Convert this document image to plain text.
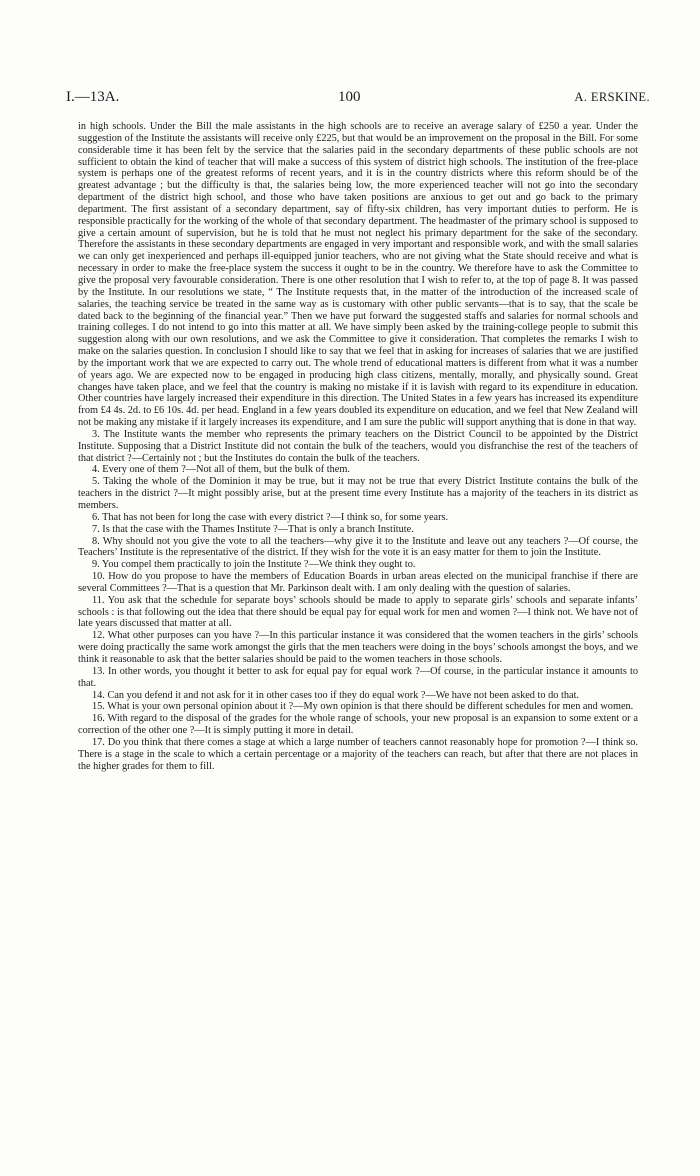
I.—13A.	100	A. ERSKINE.

in high schools. Under the Bill the male assistants in the high schools are to receive an average salary of £250 a year. Under the suggestion of the Institute the assistants will receive only £225, but that would be an improvement on the proposal in the Bill. For some considerable time it has been felt by the service that the salaries paid in the secondary departments of these public schools are not sufficient to obtain the kind of teacher that will make a success of this system of district high schools. The institution of the free-place system is perhaps one of the greatest reforms of recent years, and it is in the country districts where this reform should be of the greatest advantage ; but the difficulty is that, the salaries being low, the more experienced teacher will not go into the secondary department of the district high school, and those who have taken positions are anxious to get out and go back to the primary department. The first assistant of a secondary department, say of fifty-six children, has very important duties to perform. He is responsible practically for the working of the whole of that secondary department. The headmaster of the primary school is supposed to give a certain amount of supervision, but he is told that he must not neglect his primary department for the sake of the secondary. Therefore the assistants in these secondary departments are engaged in very important and responsible work, and with the small salaries we can only get inexperienced and perhaps ill-equipped junior teachers, who are not giving what the State should receive and what is necessary in order to make the free-place system the success it ought to be in the country. We therefore have to ask the Committee to give the proposal very favourable consideration. There is one other resolution that I wish to refer to, at the top of page 8. It was passed by the Institute. In our resolutions we state, “ The Institute requests that, in the matter of the introduction of the increased scale of salaries, the teaching service be treated in the same way as is customary with other public servants—that is to say, that the scale be dated back to the beginning of the financial year.” Then we have put forward the suggested staffs and salaries for normal schools and training colleges. I do not intend to go into this matter at all. We have simply been asked by the training-college people to submit this suggestion along with our own resolutions, and we ask the Committee to give it consideration. That completes the remarks I wish to make on the salaries question. In conclusion I should like to say that we feel that in asking for increases of salaries that we are justified by the important work that we are expected to carry out. The whole trend of educational matters is different from what it was a number of years ago. We are expected now to be engaged in producing high class citizens, mentally, morally, and physically sound. Great changes have taken place, and we feel that the country is making no mistake if it is lavish with regard to its expenditure in education. Other countries have largely increased their expenditure in this direction. The United States in a few years has increased its expenditure from £4 4s. 2d. to £6 10s. 4d. per head. England in a few years doubled its expenditure on education, and we feel that New Zealand will not be making any mistake if it largely increases its expenditure, and I am sure the public will support anything that is done in that way.

3. The Institute wants the member who represents the primary teachers on the District Council to be appointed by the District Institute. Supposing that a District Institute did not contain the bulk of the teachers, would you disfranchise the rest of the teachers of that district ?—Certainly not ; but the Institutes do contain the bulk of the teachers.

4. Every one of them ?—Not all of them, but the bulk of them.

5. Taking the whole of the Dominion it may be true, but it may not be true that every District Institute contains the bulk of the teachers in the district ?—It might possibly arise, but at the present time every Institute has a majority of the teachers in its district as members.

6. That has not been for long the case with every district ?—I think so, for some years.

7. Is that the case with the Thames Institute ?—That is only a branch Institute.

8. Why should not you give the vote to all the teachers—why give it to the Institute and leave out any teachers ?—Of course, the Teachers’ Institute is the representative of the district. If they wish for the vote it is an easy matter for them to join the Institute.

9. You compel them practically to join the Institute ?—We think they ought to.

10. How do you propose to have the members of Education Boards in urban areas elected on the municipal franchise if there are several Committees ?—That is a question that Mr. Parkinson dealt with. I am only dealing with the question of salaries.

11. You ask that the schedule for separate boys’ schools should be made to apply to separate girls’ schools and separate infants’ schools : is that following out the idea that there should be equal pay for equal work for men and women ?—I think not. We have not of late years discussed that matter at all.

12. What other purposes can you have ?—In this particular instance it was considered that the women teachers in the girls’ schools were doing practically the same work amongst the girls that the men teachers were doing in the boys’ schools amongst the boys, and we think it reasonable to ask that the better salaries should be paid to the women teachers in those schools.

13. In other words, you thought it better to ask for equal pay for equal work ?—Of course, in the particular instance it amounts to that.

14. Can you defend it and not ask for it in other cases too if they do equal work ?—We have not been asked to do that.

15. What is your own personal opinion about it ?—My own opinion is that there should be different schedules for men and women.

16. With regard to the disposal of the grades for the whole range of schools, your new proposal is an expansion to some extent or a correction of the other one ?—It is simply putting it more in detail.

17. Do you think that there comes a stage at which a large number of teachers cannot reasonably hope for promotion ?—I think so. There is a stage in the scale to which a certain percentage or a majority of the teachers can reach, but after that there are not places in the higher grades for them to fill.
